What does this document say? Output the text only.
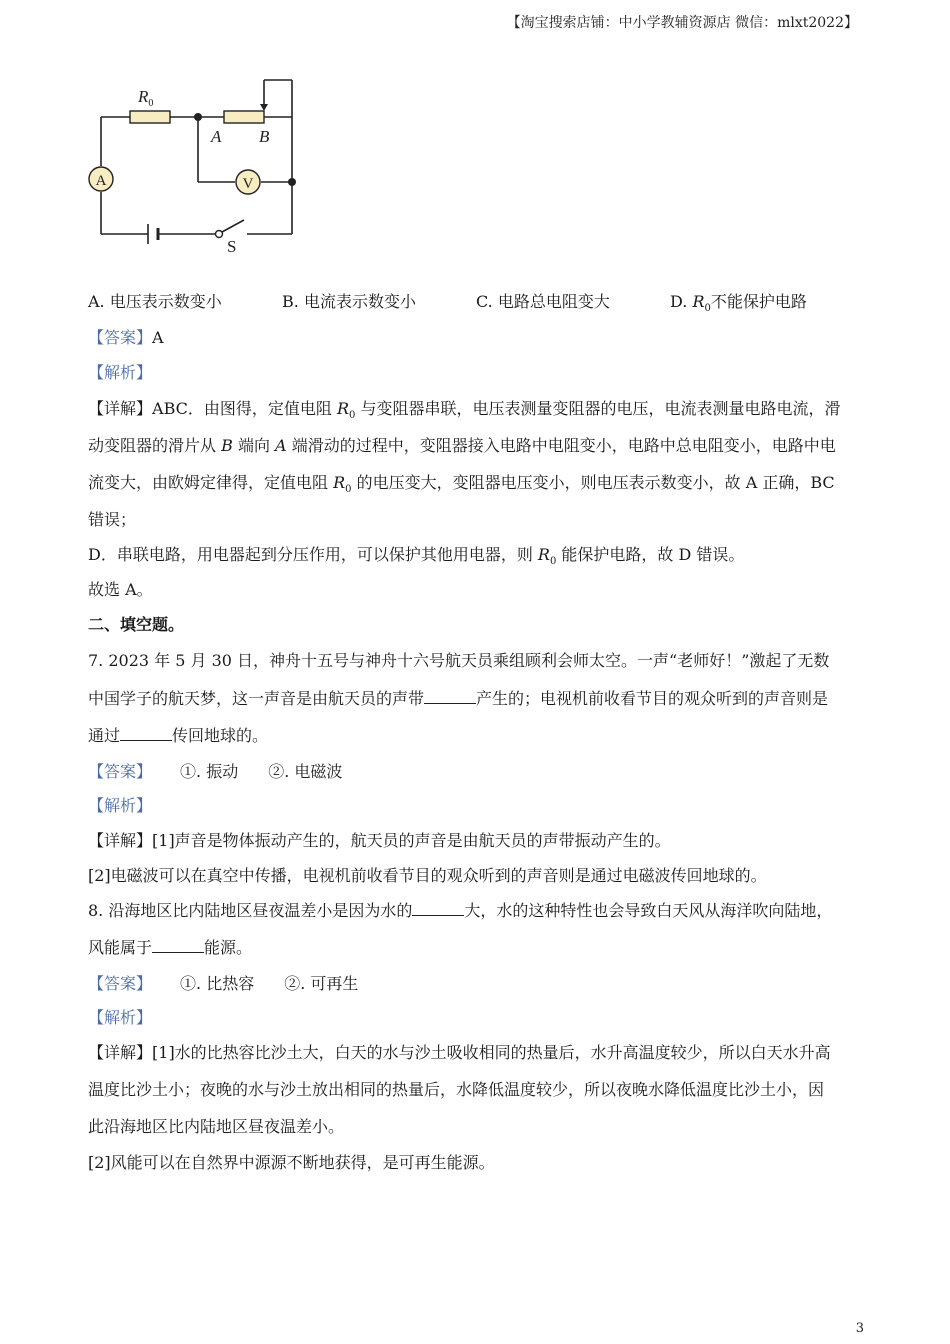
【淘宝搜索店铺：中小学教辅资源店 微信：mlxt2022】
A	V
$R_0$
A B
S
A. 电压表示数变小	B. 电流表示数变小	C. 电路总电阻变大	D. $R_0$不能保护电路
【答案】A
【解析】
【详解】ABC．由图得，定值电阻 $R_0$ 与变阻器串联，电压表测量变阻器的电压，电流表测量电路电流，滑
动变阻器的滑片从 B 端向 A 端滑动的过程中，变阻器接入电路中电阻变小，电路中总电阻变小，电路中电
流变大，由欧姆定律得，定值电阻 $R_0$ 的电压变大，变阻器电压变小，则电压表示数变小，故 A 正确，BC
错误；
D．串联电路，用电器起到分压作用，可以保护其他用电器，则 $R_0$ 能保护电路，故 D 错误。
故选 A。
二、填空题。
7. 2023 年 5 月 30 日，神舟十五号与神舟十六号航天员乘组顾利会师太空。一声“老师好！”激起了无数
中国学子的航天梦，这一声音是由航天员的声带	产生的；电视机前收看节目的观众听到的声音则是
通过	传回地球的。
【答案】 ①. 振动 ②. 电磁波
【解析】
【详解】[1]声音是物体振动产生的，航天员的声音是由航天员的声带振动产生的。
[2]电磁波可以在真空中传播，电视机前收看节目的观众听到的声音则是通过电磁波传回地球的。
8. 沿海地区比内陆地区昼夜温差小是因为水的	大，水的这种特性也会导致白天风从海洋吹向陆地，
风能属于	能源。
【答案】 ①. 比热容 ②. 可再生
【解析】
【详解】[1]水的比热容比沙土大，白天的水与沙土吸收相同的热量后，水升高温度较少，所以白天水升高
温度比沙土小；夜晚的水与沙土放出相同的热量后，水降低温度较少，所以夜晚水降低温度比沙土小，因
此沿海地区比内陆地区昼夜温差小。
[2]风能可以在自然界中源源不断地获得，是可再生能源。
3
